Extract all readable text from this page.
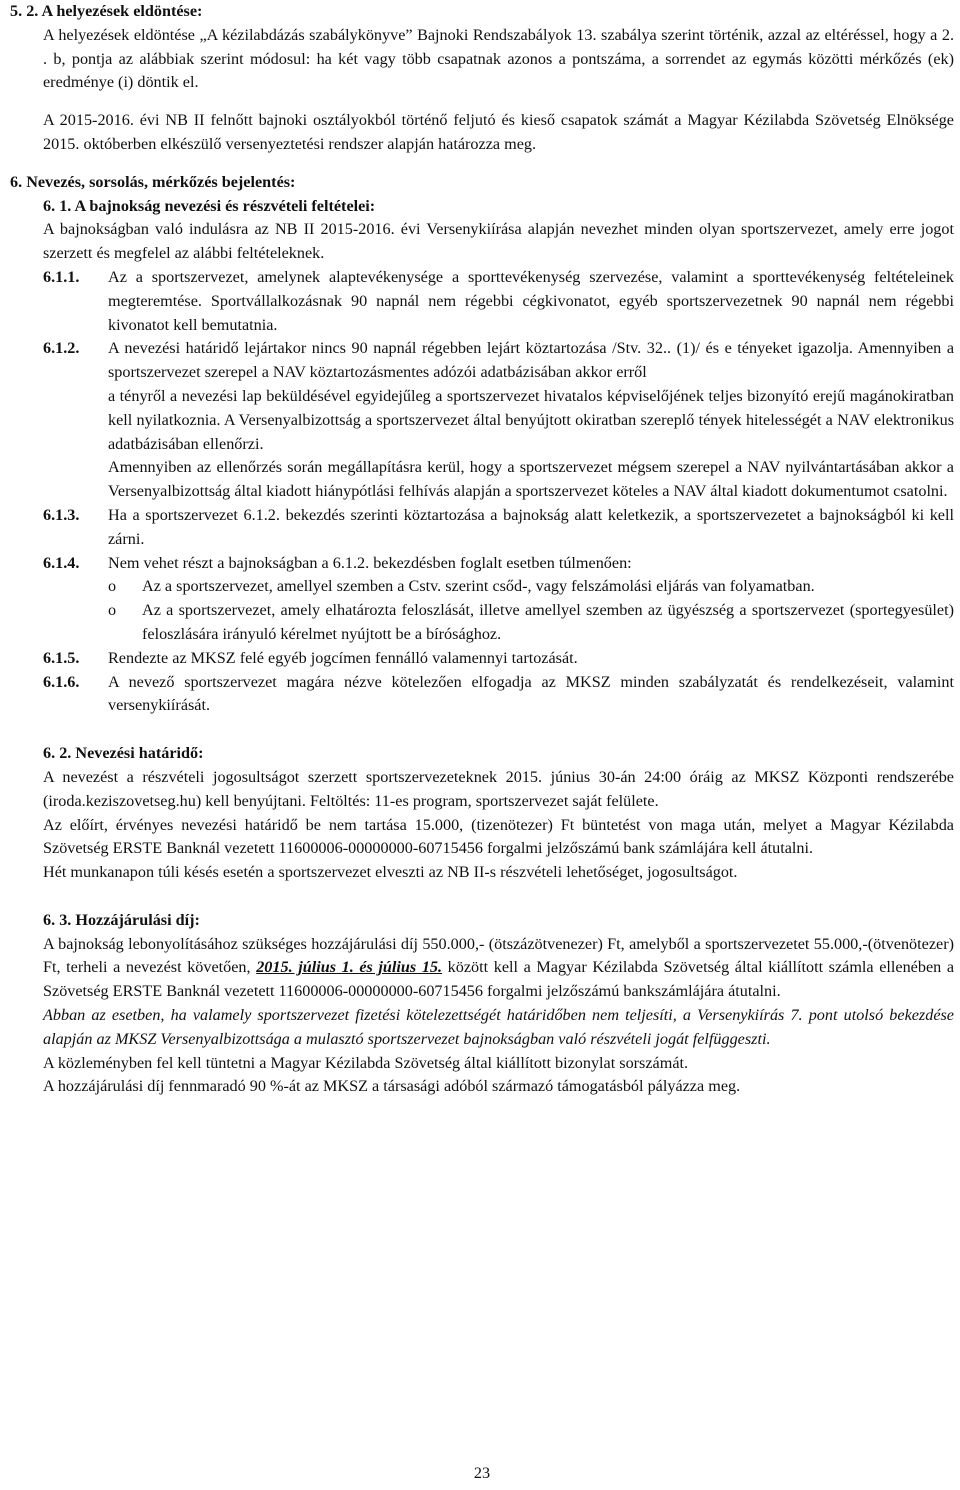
5. 2. A helyezések eldöntése:

A helyezések eldöntése „A kézilabdázás szabálykönyve” Bajnoki Rendszabályok 13. szabálya szerint történik, azzal az eltéréssel, hogy a 2. . b, pontja az alábbiak szerint módosul: ha két vagy több csapatnak azonos a pontszáma, a sorrendet az egymás közötti mérkőzés (ek) eredménye (i) döntik el.

A 2015-2016. évi NB II felnőtt bajnoki osztályokból történő feljutó és kieső csapatok számát a Magyar Kézilabda Szövetség Elnöksége 2015. októberben elkészülő versenyeztetési rendszer alapján határozza meg.

6. Nevezés, sorsolás, mérkőzés bejelentés:

6. 1. A bajnokság nevezési és részvételi feltételei:

A bajnokságban való indulásra az NB II 2015-2016. évi Versenykiírása alapján nevezhet minden olyan sportszervezet, amely erre jogot szerzett és megfelel az alábbi feltételeknek.

6.1.1. Az a sportszervezet, amelynek alaptevékenysége a sporttevékenység szervezése, valamint a sporttevékenység feltételeinek megteremtése. Sportvállalkozásnak 90 napnál nem régebbi cégkivonatot, egyéb sportszervezetnek 90 napnál nem régebbi kivonatot kell bemutatnia.
6.1.2. A nevezési határidő lejártakor nincs 90 napnál régebben lejárt köztartozása /Stv. 32.. (1)/ és e tényeket igazolja. Amennyiben a sportszervezet szerepel a NAV köztartozásmentes adózói adatbázisában akkor erről

a tényről a nevezési lap beküldésével egyidejűleg a sportszervezet hivatalos képviselőjének teljes bizonyító erejű magánokiratban kell nyilatkoznia. A Versenyalbizottság a sportszervezet által benyújtott okiratban szereplő tények hitelességét a NAV elektronikus adatbázisában ellenőrzi.

Amennyiben az ellenőrzés során megállapításra kerül, hogy a sportszervezet mégsem szerepel a NAV nyilvántartásában akkor a Versenyalbizottság által kiadott hiánypótlási felhívás alapján a sportszervezet köteles a NAV által kiadott dokumentumot csatolni.

6.1.3. Ha a sportszervezet 6.1.2. bekezdés szerinti köztartozása a bajnokság alatt keletkezik, a sportszervezetet a bajnokságból ki kell zárni.
6.1.4. Nem vehet részt a bajnokságban a 6.1.2. bekezdésben foglalt esetben túlmenően:
o Az a sportszervezet, amellyel szemben a Cstv. szerint csőd-, vagy felszámolási eljárás van folyamatban.
o Az a sportszervezet, amely elhatározta feloszlását, illetve amellyel szemben az ügyészség a sportszervezet (sportegyesület) feloszlására irányuló kérelmet nyújtott be a bírósághoz.
6.1.5. Rendezte az MKSZ felé egyéb jogcímen fennálló valamennyi tartozását.
6.1.6. A nevező sportszervezet magára nézve kötelezően elfogadja az MKSZ minden szabályzatát és rendelkezéseit, valamint versenykiírását.

6. 2. Nevezési határidő:

A nevezést a részvételi jogosultságot szerzett sportszervezeteknek 2015. június 30-án 24:00 óráig az MKSZ Központi rendszerébe (iroda.keziszovetseg.hu) kell benyújtani. Feltöltés: 11-es program, sportszervezet saját felülete.

Az előírt, érvényes nevezési határidő be nem tartása 15.000, (tizenötezer) Ft büntetést von maga után, melyet a Magyar Kézilabda Szövetség ERSTE Banknál vezetett 11600006-00000000-60715456 forgalmi jelzőszámú bank számlájára kell átutalni.

Hét munkanapon túli késés esetén a sportszervezet elveszti az NB II-s részvételi lehetőséget, jogosultságot.

6. 3. Hozzájárulási díj:

A bajnokság lebonyolításához szükséges hozzájárulási díj 550.000,- (ötszázötvenezer) Ft, amelyből a sportszervezetet 55.000,-(ötvenötezer) Ft, terheli a nevezést követően, 2015. július 1. és július 15. között kell a Magyar Kézilabda Szövetség által kiállított számla ellenében a Szövetség ERSTE Banknál vezetett 11600006-00000000-60715456 forgalmi jelzőszámú bankszámlájára átutalni.

Abban az esetben, ha valamely sportszervezet fizetési kötelezettségét határidőben nem teljesíti, a Versenykiírás 7. pont utolsó bekezdése alapján az MKSZ Versenyalbizottsága a mulasztó sportszervezet bajnokságban való részvételi jogát felfüggeszti.

A közleményben fel kell tüntetni a Magyar Kézilabda Szövetség által kiállított bizonylat sorszámát.

A hozzájárulási díj fennmaradó 90 %-át az MKSZ a társasági adóból származó támogatásból pályázza meg.

23
